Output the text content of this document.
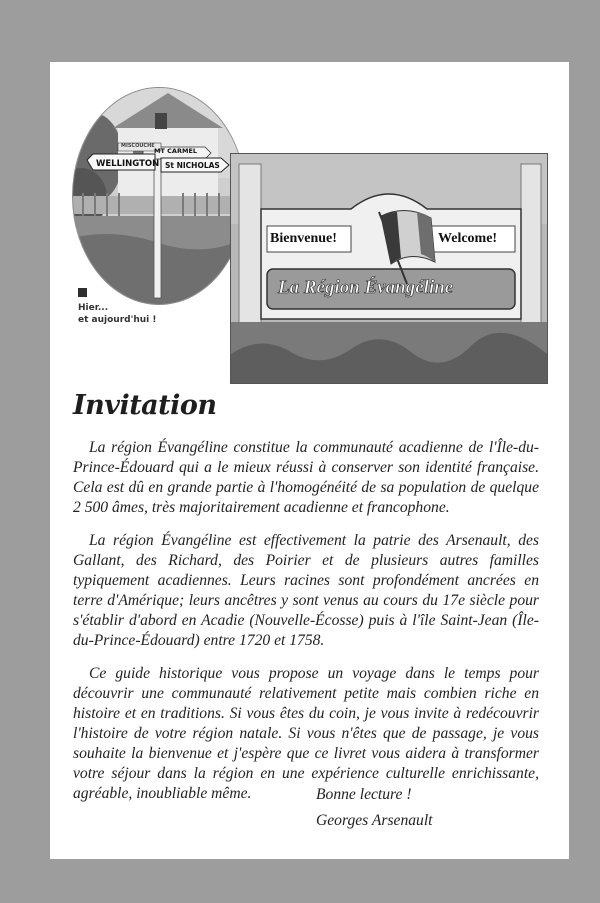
WELLINGTON
MT CARMEL
St NICHOLAS
MISCOUCHE
Hier...
et aujourd'hui !
Bienvenue!	Welcome!
La Région Évangéline
Invitation

La région Évangéline constitue la communauté acadienne de l'Île-du-Prince-Édouard qui a le mieux réussi à conserver son identité française. Cela est dû en grande partie à l'homogénéité de sa population de quelque 2 500 âmes, très majoritairement acadienne et francophone.

La région Évangéline est effectivement la patrie des Arsenault, des Gallant, des Richard, des Poirier et de plusieurs autres familles typiquement acadiennes. Leurs racines sont profondément ancrées en terre d'Amérique; leurs ancêtres y sont venus au cours du 17e siècle pour s'établir d'abord en Acadie (Nouvelle-Écosse) puis à l'île Saint-Jean (Île-du-Prince-Édouard) entre 1720 et 1758.

Ce guide historique vous propose un voyage dans le temps pour découvrir une communauté relativement petite mais combien riche en histoire et en traditions. Si vous êtes du coin, je vous invite à redécouvrir l'histoire de votre région natale. Si vous n'êtes que de passage, je vous souhaite la bienvenue et j'espère que ce livret vous aidera à transformer votre séjour dans la région en une expérience culturelle enrichissante, agréable, inoubliable même.	Bonne lecture !
Georges Arsenault
